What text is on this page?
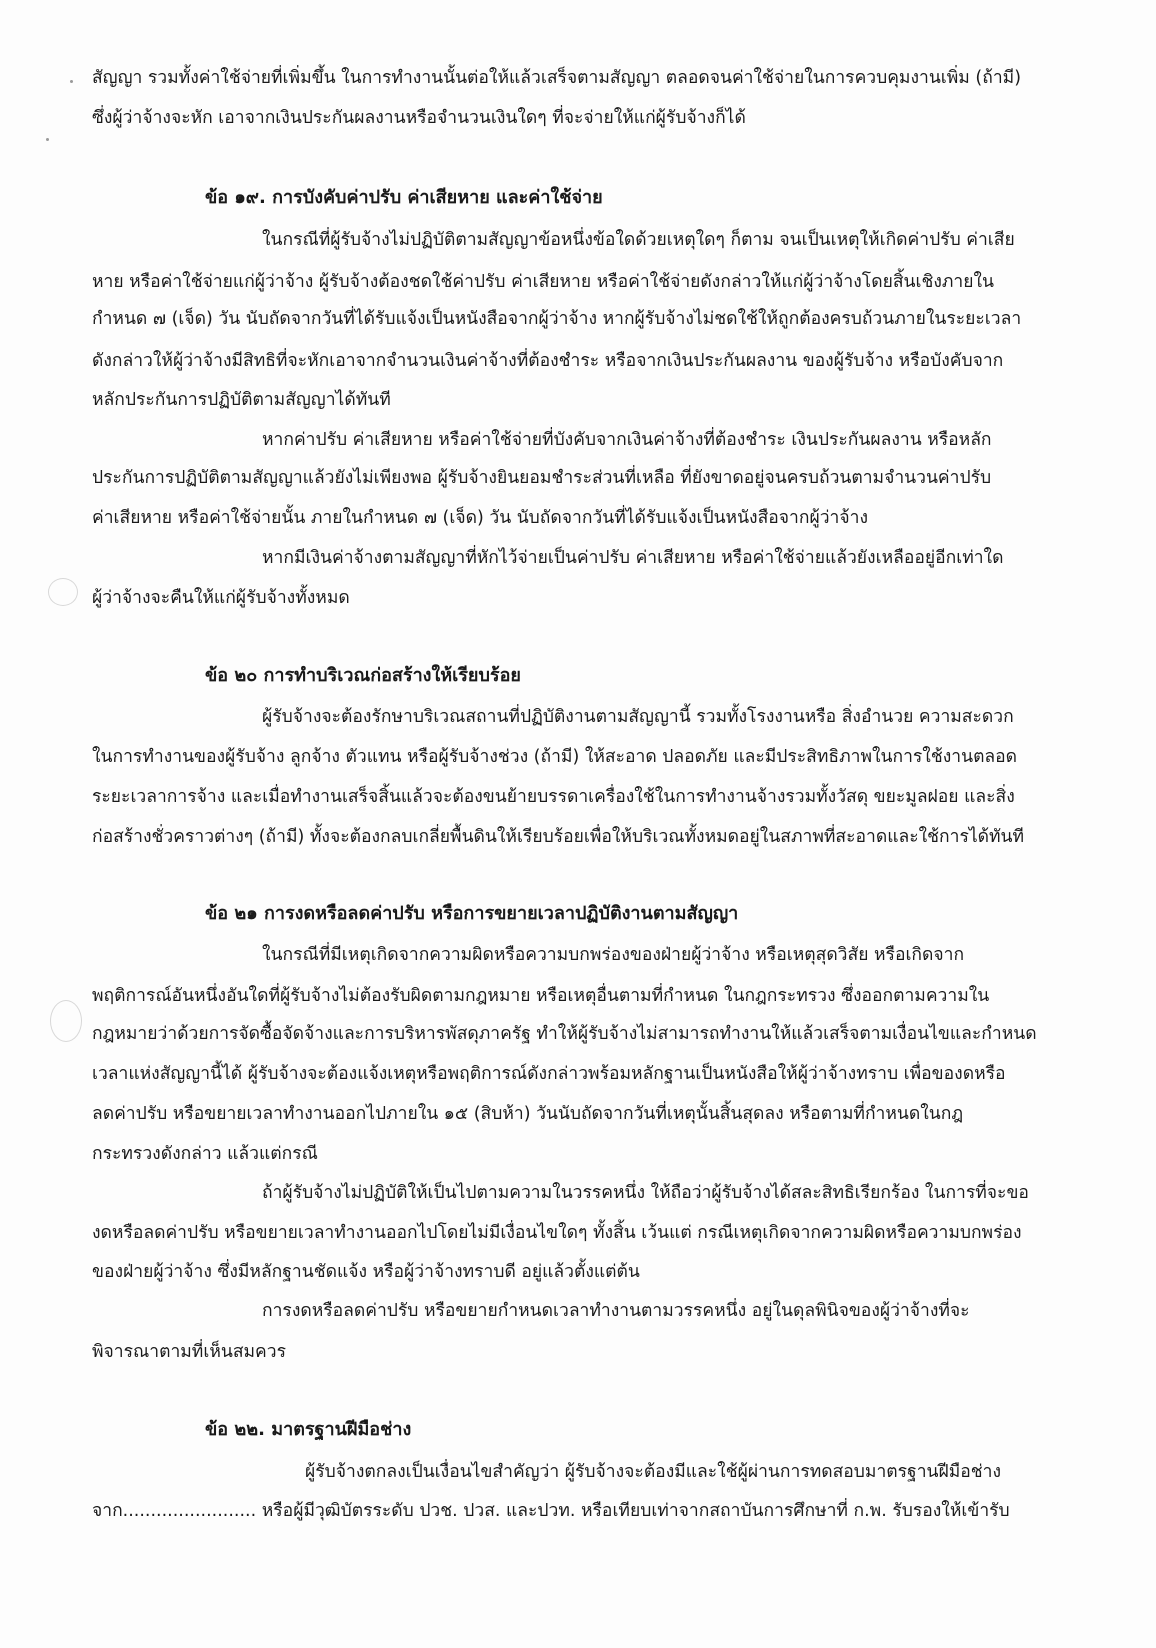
สัญญา รวมทั้งค่าใช้จ่ายที่เพิ่มขึ้น ในการทำงานนั้นต่อให้แล้วเสร็จตามสัญญา ตลอดจนค่าใช้จ่ายในการควบคุมงานเพิ่ม (ถ้ามี)
ซึ่งผู้ว่าจ้างจะหัก เอาจากเงินประกันผลงานหรือจำนวนเงินใดๆ ที่จะจ่ายให้แก่ผู้รับจ้างก็ได้
ข้อ ๑๙. การบังคับค่าปรับ ค่าเสียหาย และค่าใช้จ่าย
ในกรณีที่ผู้รับจ้างไม่ปฏิบัติตามสัญญาข้อหนึ่งข้อใดด้วยเหตุใดๆ ก็ตาม จนเป็นเหตุให้เกิดค่าปรับ ค่าเสีย
หาย หรือค่าใช้จ่ายแก่ผู้ว่าจ้าง ผู้รับจ้างต้องชดใช้ค่าปรับ ค่าเสียหาย หรือค่าใช้จ่ายดังกล่าวให้แก่ผู้ว่าจ้างโดยสิ้นเชิงภายใน
กำหนด ๗ (เจ็ด) วัน นับถัดจากวันที่ได้รับแจ้งเป็นหนังสือจากผู้ว่าจ้าง หากผู้รับจ้างไม่ชดใช้ให้ถูกต้องครบถ้วนภายในระยะเวลา
ดังกล่าวให้ผู้ว่าจ้างมีสิทธิที่จะหักเอาจากจำนวนเงินค่าจ้างที่ต้องชำระ หรือจากเงินประกันผลงาน ของผู้รับจ้าง หรือบังคับจาก
หลักประกันการปฏิบัติตามสัญญาได้ทันที
หากค่าปรับ ค่าเสียหาย หรือค่าใช้จ่ายที่บังคับจากเงินค่าจ้างที่ต้องชำระ เงินประกันผลงาน หรือหลัก
ประกันการปฏิบัติตามสัญญาแล้วยังไม่เพียงพอ ผู้รับจ้างยินยอมชำระส่วนที่เหลือ ที่ยังขาดอยู่จนครบถ้วนตามจำนวนค่าปรับ
ค่าเสียหาย หรือค่าใช้จ่ายนั้น ภายในกำหนด ๗ (เจ็ด) วัน นับถัดจากวันที่ได้รับแจ้งเป็นหนังสือจากผู้ว่าจ้าง
หากมีเงินค่าจ้างตามสัญญาที่หักไว้จ่ายเป็นค่าปรับ ค่าเสียหาย หรือค่าใช้จ่ายแล้วยังเหลืออยู่อีกเท่าใด
ผู้ว่าจ้างจะคืนให้แก่ผู้รับจ้างทั้งหมด
ข้อ ๒๐ การทำบริเวณก่อสร้างให้เรียบร้อย
ผู้รับจ้างจะต้องรักษาบริเวณสถานที่ปฏิบัติงานตามสัญญานี้ รวมทั้งโรงงานหรือ สิ่งอำนวย ความสะดวก
ในการทำงานของผู้รับจ้าง ลูกจ้าง ตัวแทน หรือผู้รับจ้างช่วง (ถ้ามี) ให้สะอาด ปลอดภัย และมีประสิทธิภาพในการใช้งานตลอด
ระยะเวลาการจ้าง และเมื่อทำงานเสร็จสิ้นแล้วจะต้องขนย้ายบรรดาเครื่องใช้ในการทำงานจ้างรวมทั้งวัสดุ ขยะมูลฝอย และสิ่ง
ก่อสร้างชั่วคราวต่างๆ (ถ้ามี) ทั้งจะต้องกลบเกลี่ยพื้นดินให้เรียบร้อยเพื่อให้บริเวณทั้งหมดอยู่ในสภาพที่สะอาดและใช้การได้ทันที
ข้อ ๒๑ การงดหรือลดค่าปรับ หรือการขยายเวลาปฏิบัติงานตามสัญญา
ในกรณีที่มีเหตุเกิดจากความผิดหรือความบกพร่องของฝ่ายผู้ว่าจ้าง หรือเหตุสุดวิสัย หรือเกิดจาก
พฤติการณ์อันหนึ่งอันใดที่ผู้รับจ้างไม่ต้องรับผิดตามกฎหมาย หรือเหตุอื่นตามที่กำหนด ในกฎกระทรวง ซึ่งออกตามความใน
กฎหมายว่าด้วยการจัดซื้อจัดจ้างและการบริหารพัสดุภาครัฐ ทำให้ผู้รับจ้างไม่สามารถทำงานให้แล้วเสร็จตามเงื่อนไขและกำหนด
เวลาแห่งสัญญานี้ได้ ผู้รับจ้างจะต้องแจ้งเหตุหรือพฤติการณ์ดังกล่าวพร้อมหลักฐานเป็นหนังสือให้ผู้ว่าจ้างทราบ เพื่อของดหรือ
ลดค่าปรับ หรือขยายเวลาทำงานออกไปภายใน ๑๕ (สิบห้า) วันนับถัดจากวันที่เหตุนั้นสิ้นสุดลง หรือตามที่กำหนดในกฎ
กระทรวงดังกล่าว แล้วแต่กรณี
ถ้าผู้รับจ้างไม่ปฏิบัติให้เป็นไปตามความในวรรคหนึ่ง ให้ถือว่าผู้รับจ้างได้สละสิทธิเรียกร้อง ในการที่จะขอ
งดหรือลดค่าปรับ หรือขยายเวลาทำงานออกไปโดยไม่มีเงื่อนไขใดๆ ทั้งสิ้น เว้นแต่ กรณีเหตุเกิดจากความผิดหรือความบกพร่อง
ของฝ่ายผู้ว่าจ้าง ซึ่งมีหลักฐานชัดแจ้ง หรือผู้ว่าจ้างทราบดี อยู่แล้วตั้งแต่ต้น
การงดหรือลดค่าปรับ หรือขยายกำหนดเวลาทำงานตามวรรคหนึ่ง อยู่ในดุลพินิจของผู้ว่าจ้างที่จะ
พิจารณาตามที่เห็นสมควร
ข้อ ๒๒. มาตรฐานฝีมือช่าง
ผู้รับจ้างตกลงเป็นเงื่อนไขสำคัญว่า ผู้รับจ้างจะต้องมีและใช้ผู้ผ่านการทดสอบมาตรฐานฝีมือช่าง
จาก........................ หรือผู้มีวุฒิบัตรระดับ ปวช. ปวส. และปวท. หรือเทียบเท่าจากสถาบันการศึกษาที่ ก.พ. รับรองให้เข้ารับ
